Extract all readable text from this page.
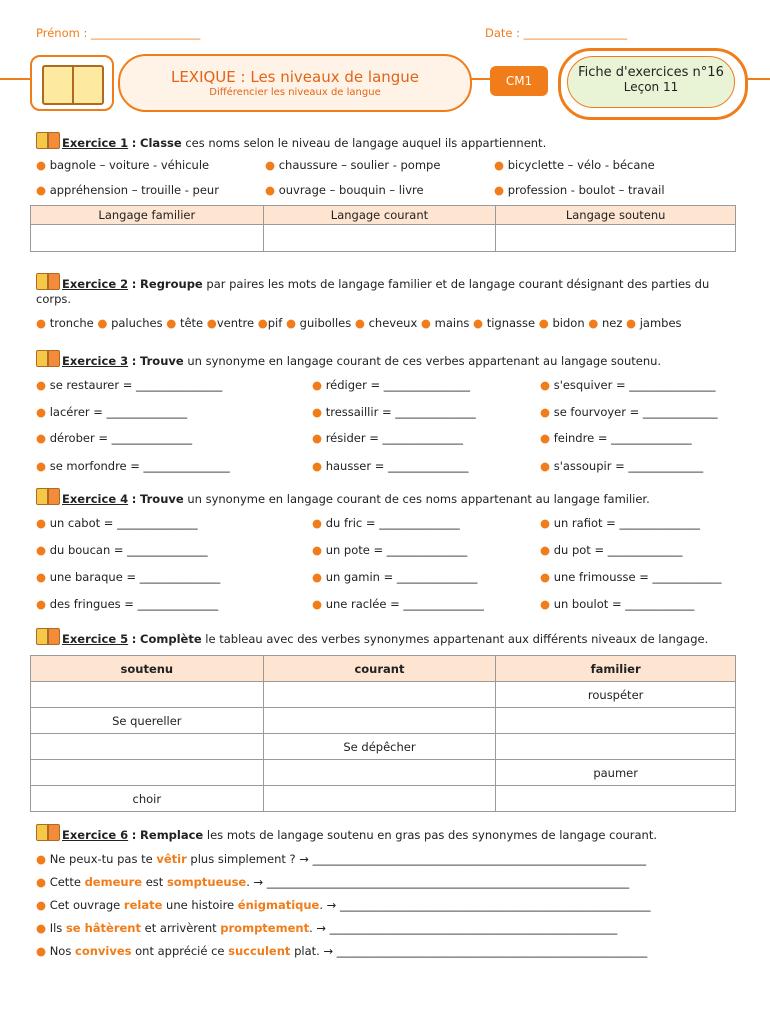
Prénom : ___________________	Date : __________________
LEXIQUE : Les niveaux de langue
Différencier les niveaux de langue
CM1
Fiche d'exercices n°16
Leçon 11
Exercice 1 : Classe ces noms selon le niveau de langage auquel ils appartiennent.
● bagnole – voiture - véhicule	● chaussure – soulier - pompe	● bicyclette – vélo - bécane
● appréhension – trouille - peur	● ouvrage – bouquin – livre	● profession - boulot – travail
Langage familier	Langage courant	Langage soutenu

Exercice 2 : Regroupe par paires les mots de langage familier et de langage courant désignant des parties du
corps.
● tronche ● paluches ● tête ●ventre ●pif ● guibolles ● cheveux ● mains ● tignasse ● bidon ● nez ● jambes
Exercice 3 : Trouve un synonyme en langage courant de ces verbes appartenant au langage soutenu.
● se restaurer = _______________	● rédiger = _______________	● s'esquiver = _______________
● lacérer = ______________	● tressaillir = ______________	● se fourvoyer = _____________
● dérober = ______________	● résider = ______________	● feindre = ______________
● se morfondre = _______________	● hausser = ______________	● s'assoupir = _____________
Exercice 4 : Trouve un synonyme en langage courant de ces noms appartenant au langage familier.
● un cabot = ______________	● du fric = ______________	● un rafiot = ______________
● du boucan = ______________	● un pote = ______________	● du pot = _____________
● une baraque = ______________	● un gamin = ______________	● une frimousse = ____________
● des fringues = ______________	● une raclée = ______________	● un boulot = ____________
Exercice 5 : Complète le tableau avec des verbes synonymes appartenant aux différents niveaux de langage.
soutenu	courant	familier
		rouspéter
Se quereller		
	Se dépêcher	
		paumer
choir		
Exercice 6 : Remplace les mots de langage soutenu en gras pas des synonymes de langage courant.
● Ne peux-tu pas te vêtir plus simplement ? → __________________________________________________________
● Cette demeure est somptueuse. → _______________________________________________________________
● Cet ouvrage relate une histoire énigmatique. → ______________________________________________________
● Ils se hâtèrent et arrivèrent promptement. → __________________________________________________
● Nos convives ont apprécié ce succulent plat. → ______________________________________________________
